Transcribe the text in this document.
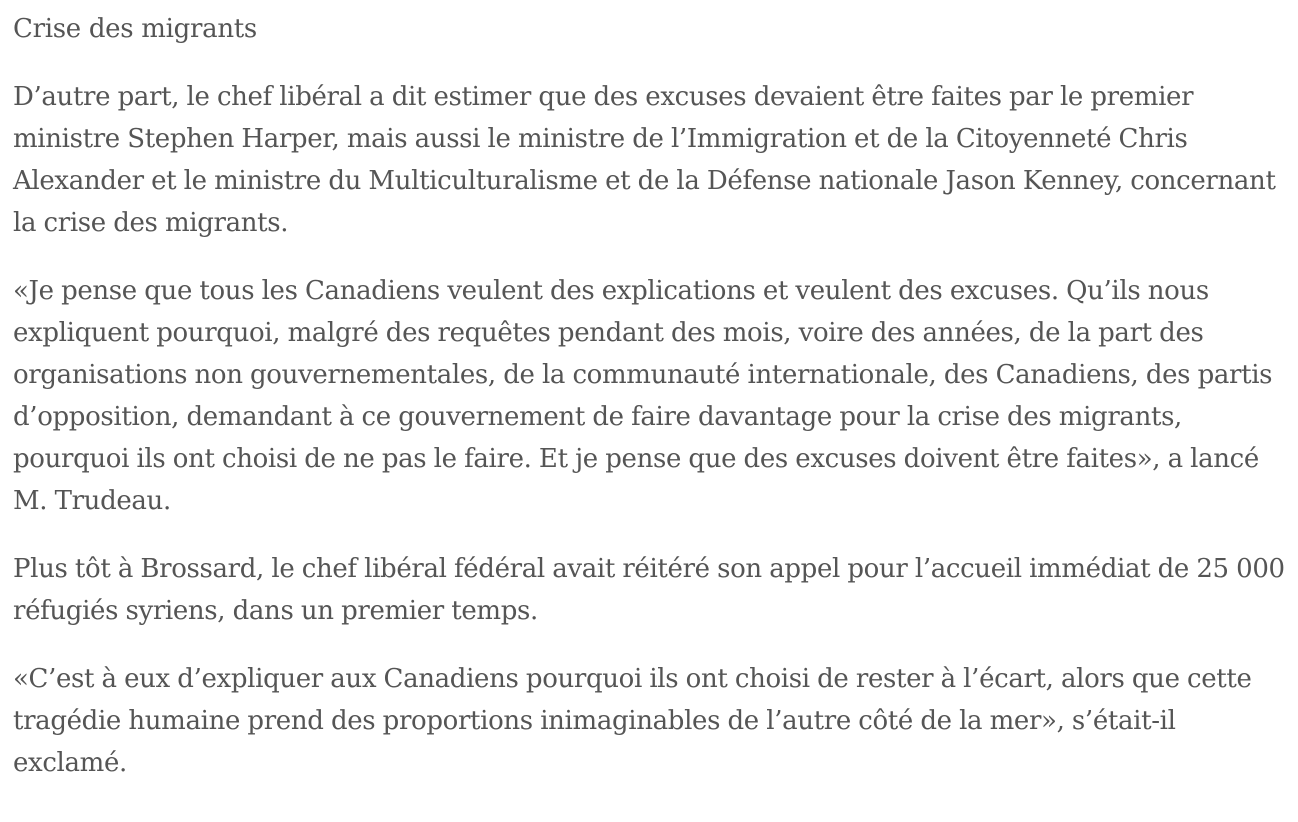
Crise des migrants

D’autre part, le chef libéral a dit estimer que des excuses devaient être faites par le premier ministre Stephen Harper, mais aussi le ministre de l’Immigration et de la Citoyenneté Chris Alexander et le ministre du Multiculturalisme et de la Défense nationale Jason Kenney, concernant la crise des migrants.

«Je pense que tous les Canadiens veulent des explications et veulent des excuses. Qu’ils nous expliquent pourquoi, malgré des requêtes pendant des mois, voire des années, de la part des organisations non gouvernementales, de la communauté internationale, des Canadiens, des partis d’opposition, demandant à ce gouvernement de faire davantage pour la crise des migrants, pourquoi ils ont choisi de ne pas le faire. Et je pense que des excuses doivent être faites», a lancé M. Trudeau.

Plus tôt à Brossard, le chef libéral fédéral avait réitéré son appel pour l’accueil immédiat de 25 000 réfugiés syriens, dans un premier temps.

«C’est à eux d’expliquer aux Canadiens pourquoi ils ont choisi de rester à l’écart, alors que cette tragédie humaine prend des proportions inimaginables de l’autre côté de la mer», s’était-il exclamé.
